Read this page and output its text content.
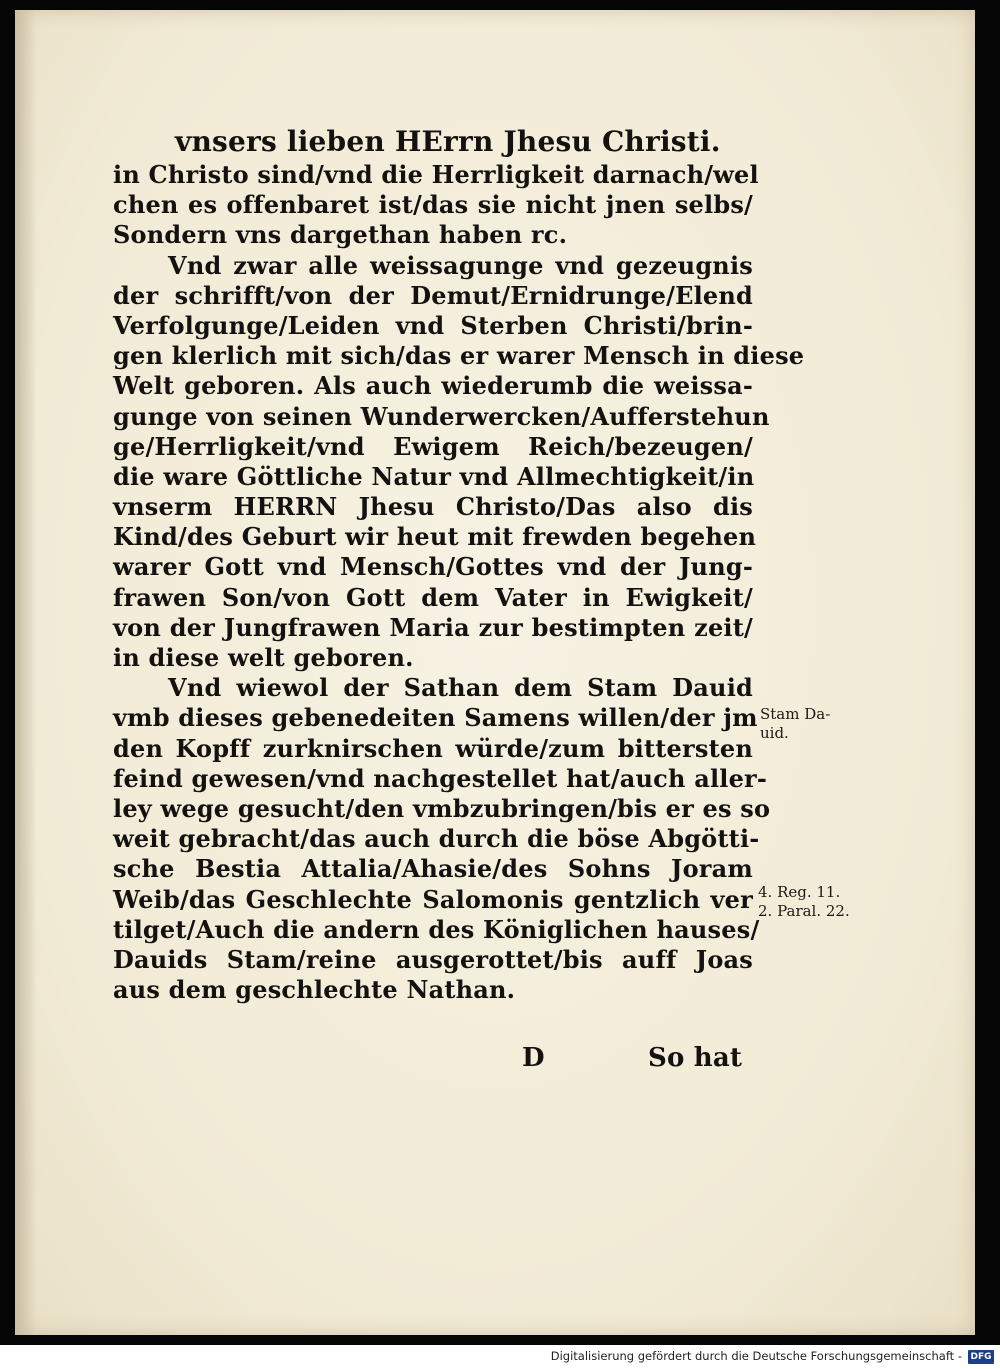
vnsers lieben HErrn Jhesu Christi.
in Christo sind/vnd die Herrligkeit darnach/wel
chen es offenbaret ist/das sie nicht jnen selbs/
Sondern vns dargethan haben rc.
Vnd zwar alle weissagunge vnd gezeugnis
der schrifft/von der Demut/Ernidrunge/Elend
Verfolgunge/Leiden vnd Sterben Christi/brin-
gen klerlich mit sich/das er warer Mensch in diese
Welt geboren. Als auch wiederumb die weissa-
gunge von seinen Wunderwercken/Aufferstehun
ge/Herrligkeit/vnd Ewigem Reich/bezeugen/
die ware Göttliche Natur vnd Allmechtigkeit/in
vnserm HERRN Jhesu Christo/Das also dis
Kind/des Geburt wir heut mit frewden begehen
warer Gott vnd Mensch/Gottes vnd der Jung-
frawen Son/von Gott dem Vater in Ewigkeit/
von der Jungfrawen Maria zur bestimpten zeit/
in diese welt geboren.
Vnd wiewol der Sathan dem Stam Dauid
vmb dieses gebenedeiten Samens willen/der jm
den Kopff zurknirschen würde/zum bittersten
feind gewesen/vnd nachgestellet hat/auch aller-
ley wege gesucht/den vmbzubringen/bis er es so
weit gebracht/das auch durch die böse Abgötti-
sche Bestia Attalia/Ahasie/des Sohns Joram
Weib/das Geschlechte Salomonis gentzlich ver
tilget/Auch die andern des Königlichen hauses/
Dauids Stam/reine ausgerottet/bis auff Joas
aus dem geschlechte Nathan.
Stam Da-
uid.
4. Reg. 11.
2. Paral. 22.
D	So hat
Digitalisierung gefördert durch die Deutsche Forschungsgemeinschaft - DFG
